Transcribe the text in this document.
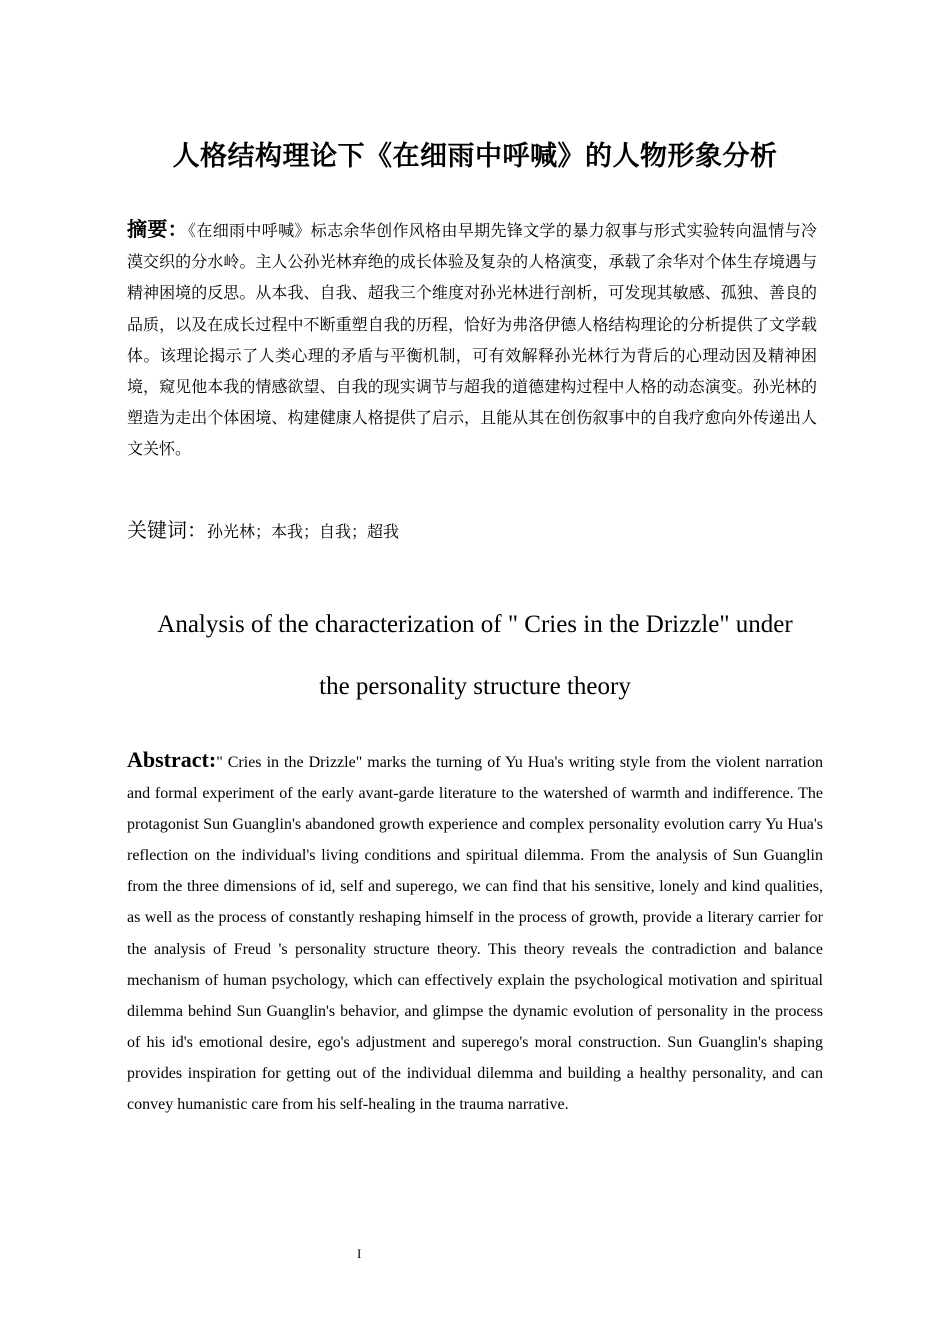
人格结构理论下《在细雨中呼喊》的人物形象分析
摘要：《在细雨中呼喊》标志余华创作风格由早期先锋文学的暴力叙事与形式实验转向温情与冷漠交织的分水岭。主人公孙光林弃绝的成长体验及复杂的人格演变，承载了余华对个体生存境遇与精神困境的反思。从本我、自我、超我三个维度对孙光林进行剖析，可发现其敏感、孤独、善良的品质，以及在成长过程中不断重塑自我的历程，恰好为弗洛伊德人格结构理论的分析提供了文学载体。该理论揭示了人类心理的矛盾与平衡机制，可有效解释孙光林行为背后的心理动因及精神困境，窥见他本我的情感欲望、自我的现实调节与超我的道德建构过程中人格的动态演变。孙光林的塑造为走出个体困境、构建健康人格提供了启示，且能从其在创伤叙事中的自我疗愈向外传递出人文关怀。
关键词：孙光林；本我；自我；超我
Analysis of the characterization of " Cries in the Drizzle" under
the personality structure theory
Abstract:" Cries in the Drizzle" marks the turning of Yu Hua's writing style from the violent narration and formal experiment of the early avant-garde literature to the watershed of warmth and indifference. The protagonist Sun Guanglin's abandoned growth experience and complex personality evolution carry Yu Hua's reflection on the individual's living conditions and spiritual dilemma. From the analysis of Sun Guanglin from the three dimensions of id, self and superego, we can find that his sensitive, lonely and kind qualities, as well as the process of constantly reshaping himself in the process of growth, provide a literary carrier for the analysis of Freud 's personality structure theory. This theory reveals the contradiction and balance mechanism of human psychology, which can effectively explain the psychological motivation and spiritual dilemma behind Sun Guanglin's behavior, and glimpse the dynamic evolution of personality in the process of his id's emotional desire, ego's adjustment and superego's moral construction. Sun Guanglin's shaping provides inspiration for getting out of the individual dilemma and building a healthy personality, and can convey humanistic care from his self-healing in the trauma narrative.
I
